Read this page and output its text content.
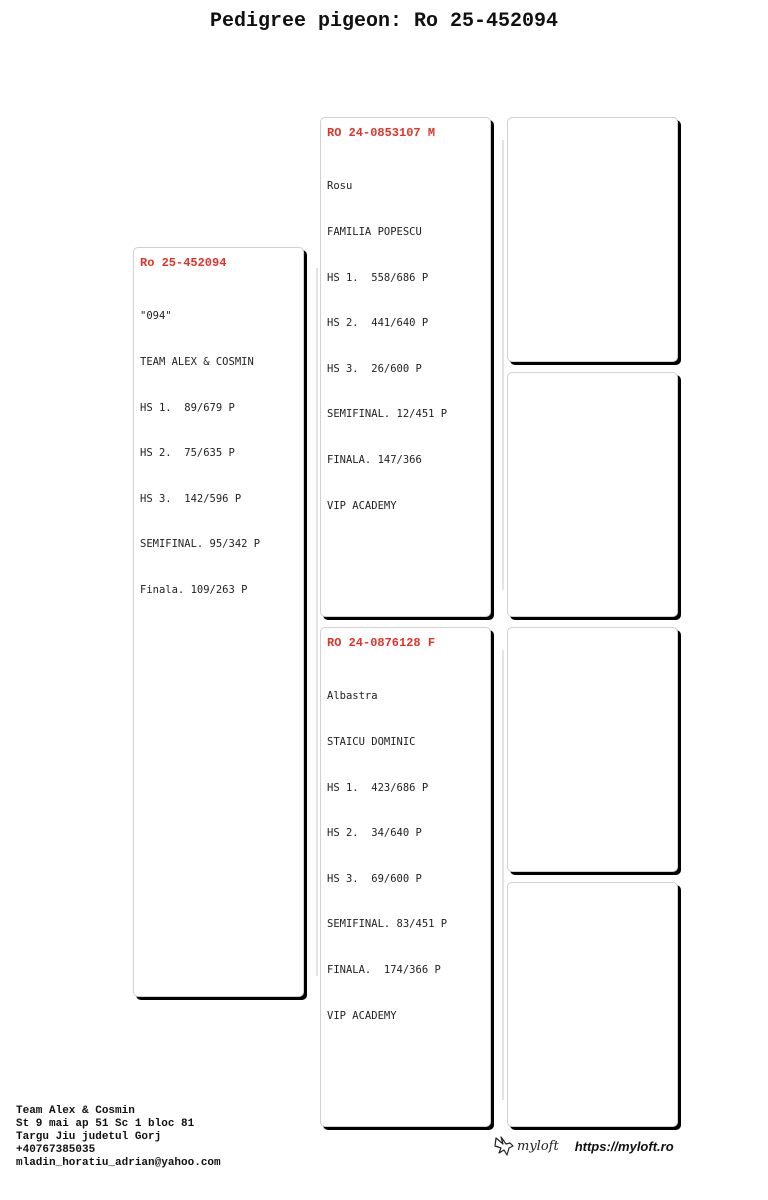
Pedigree pigeon: Ro 25-452094
Ro 25-452094

"094"

TEAM ALEX & COSMIN

HS 1.  89/679 P

HS 2.  75/635 P

HS 3.  142/596 P

SEMIFINAL. 95/342 P

Finala. 109/263 P

RO 24-0853107 M

Rosu

FAMILIA POPESCU

HS 1.  558/686 P

HS 2.  441/640 P

HS 3.  26/600 P

SEMIFINAL. 12/451 P

FINALA. 147/366

VIP ACADEMY

RO 24-0876128 F

Albastra

STAICU DOMINIC

HS 1.  423/686 P

HS 2.  34/640 P

HS 3.  69/600 P

SEMIFINAL. 83/451 P

FINALA.  174/366 P

VIP ACADEMY

Team Alex & Cosmin
St 9 mai ap 51 Sc 1 bloc 81
Targu Jiu judetul Gorj
+40767385035
mladin_horatiu_adrian@yahoo.com
myloft https://myloft.ro
